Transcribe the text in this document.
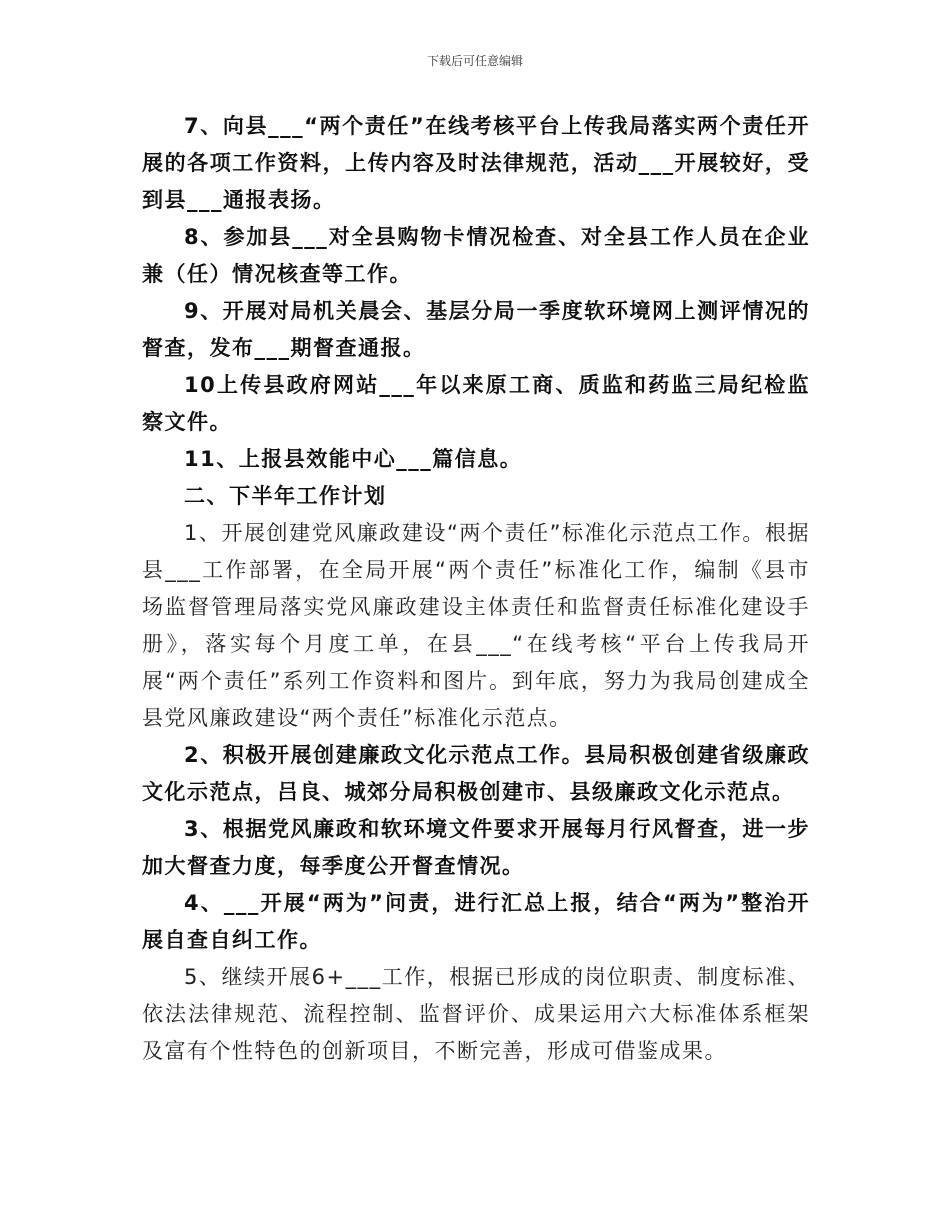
下载后可任意编辑

7、向县___“两个责任”在线考核平台上传我局落实两个责任开展的各项工作资料，上传内容及时法律规范，活动___开展较好，受到县___通报表扬。

8、参加县___对全县购物卡情况检查、对全县工作人员在企业兼（任）情况核查等工作。

9、开展对局机关晨会、基层分局一季度软环境网上测评情况的督查，发布___期督查通报。

10上传县政府网站___年以来原工商、质监和药监三局纪检监察文件。

11、上报县效能中心___篇信息。

二、下半年工作计划

1、开展创建党风廉政建设“两个责任”标准化示范点工作。根据县___工作部署，在全局开展“两个责任”标准化工作，编制《县市场监督管理局落实党风廉政建设主体责任和监督责任标准化建设手册》，落实每个月度工单，在县___“在线考核“平台上传我局开展“两个责任”系列工作资料和图片。到年底，努力为我局创建成全县党风廉政建设“两个责任”标准化示范点。

2、积极开展创建廉政文化示范点工作。县局积极创建省级廉政文化示范点，吕良、城郊分局积极创建市、县级廉政文化示范点。

3、根据党风廉政和软环境文件要求开展每月行风督查，进一步加大督查力度，每季度公开督查情况。

4、___开展“两为”问责，进行汇总上报，结合“两为”整治开展自查自纠工作。

5、继续开展6+___工作，根据已形成的岗位职责、制度标准、依法法律规范、流程控制、监督评价、成果运用六大标准体系框架及富有个性特色的创新项目，不断完善，形成可借鉴成果。
